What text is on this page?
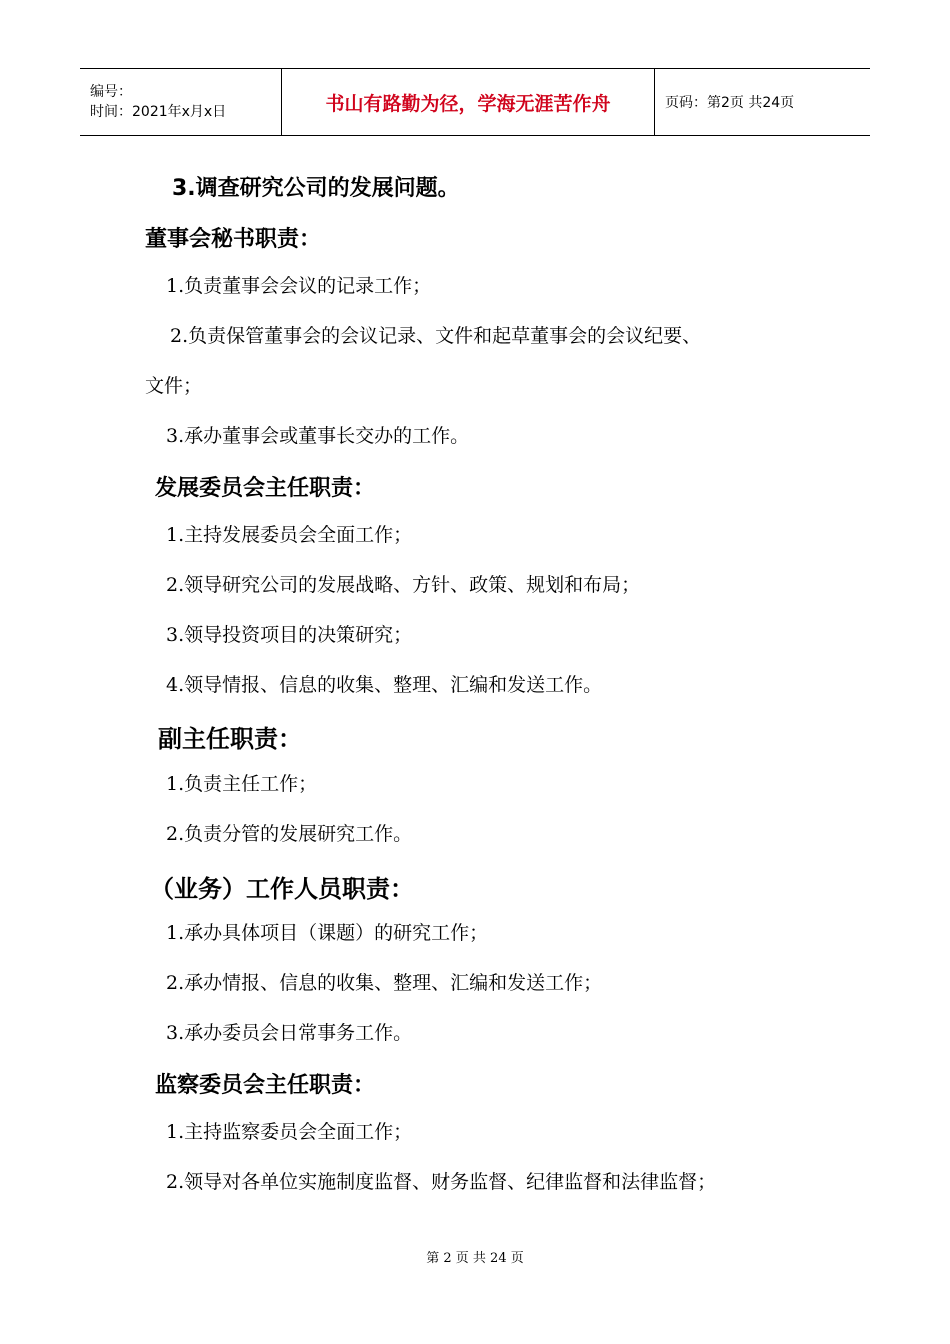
编号：
时间：2021年x月x日	书山有路勤为径，学海无涯苦作舟	页码：第2页 共24页
3.调查研究公司的发展问题。
董事会秘书职责：
1.负责董事会会议的记录工作；
2.负责保管董事会的会议记录、文件和起草董事会的会议纪要、
文件；
3.承办董事会或董事长交办的工作。
发展委员会主任职责：
1.主持发展委员会全面工作；
2.领导研究公司的发展战略、方针、政策、规划和布局；
3.领导投资项目的决策研究；
4.领导情报、信息的收集、整理、汇编和发送工作。
副主任职责：
1.负责主任工作；
2.负责分管的发展研究工作。
（业务）工作人员职责：
1.承办具体项目（课题）的研究工作；
2.承办情报、信息的收集、整理、汇编和发送工作；
3.承办委员会日常事务工作。
监察委员会主任职责：
1.主持监察委员会全面工作；
2.领导对各单位实施制度监督、财务监督、纪律监督和法律监督；
第 2 页 共 24 页
